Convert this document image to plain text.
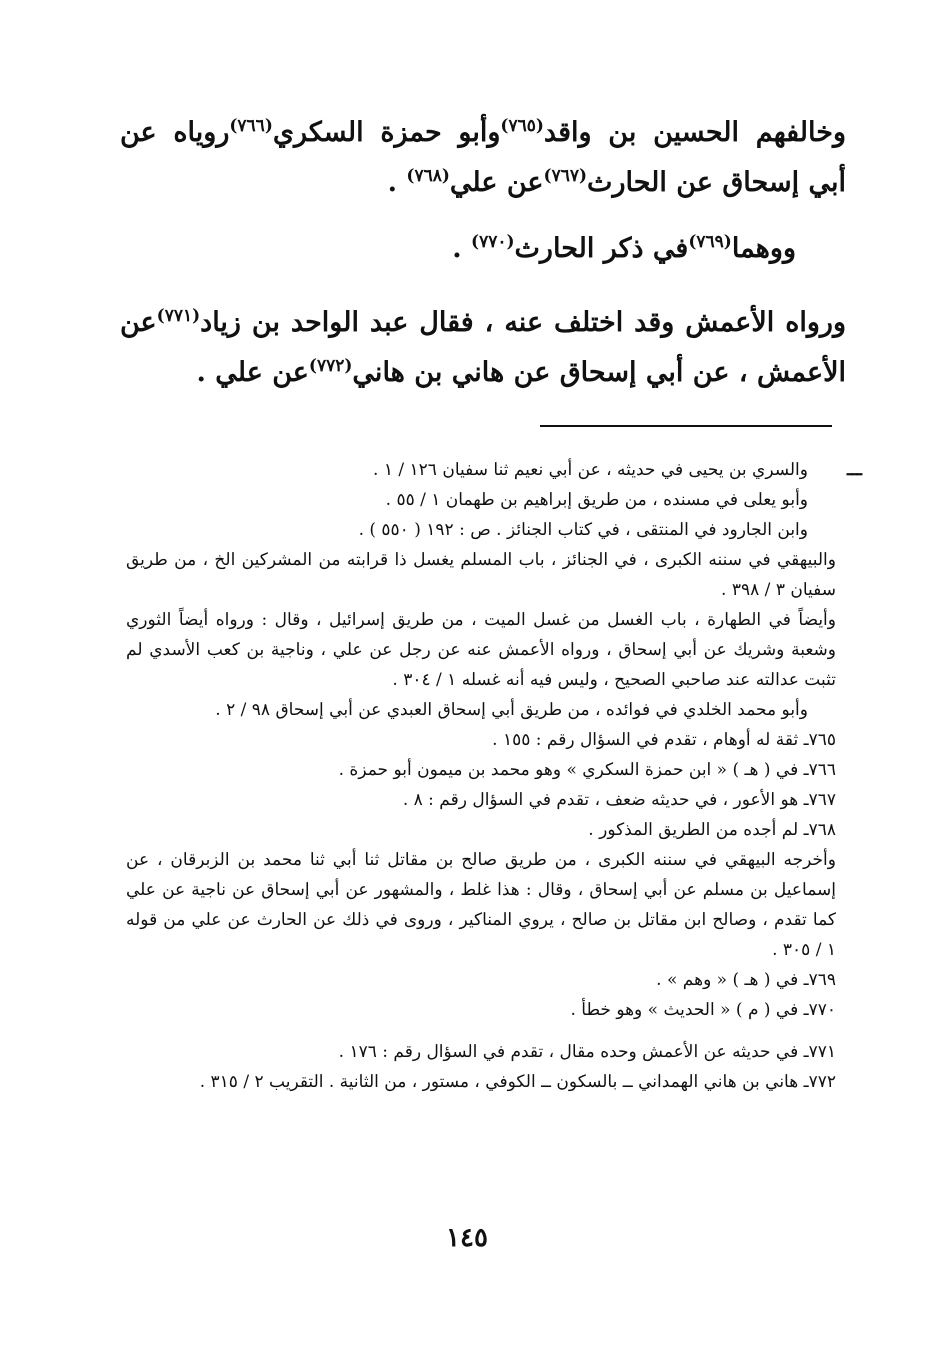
وخالفهم الحسين بن واقد$^{(٧٦٥)}$وأبو حمزة السكري$^{(٧٦٦)}$روياه عن أبي إسحاق عن الحارث$^{(٧٦٧)}$عن علي$^{(٧٦٨)}$ .

ووهما$^{(٧٦٩)}$في ذكر الحارث$^{(٧٧٠)}$ .

ورواه الأعمش وقد اختلف عنه ، فقال عبد الواحد بن زياد$^{(٧٧١)}$عن الأعمش ، عن أبي إسحاق عن هاني بن هاني$^{(٧٧٢)}$عن علي .

ـــ
والسري بن يحيى في حديثه ، عن أبي نعيم ثنا سفيان ١٢٦ / ١ .

وأبو يعلى في مسنده ، من طريق إبراهيم بن طهمان ١ / ٥٥ .

وابن الجارود في المنتقى ، في كتاب الجنائز . ص : ١٩٢ ( ٥٥٠ ) .

والبيهقي في سننه الكبرى ، في الجنائز ، باب المسلم يغسل ذا قرابته من المشركين الخ ، من طريق سفيان ٣ / ٣٩٨ .

وأيضاً في الطهارة ، باب الغسل من غسل الميت ، من طريق إسرائيل ، وقال : ورواه أيضاً الثوري وشعبة وشريك عن أبي إسحاق ، ورواه الأعمش عنه عن رجل عن علي ، وناجية بن كعب الأسدي لم تثبت عدالته عند صاحبي الصحيح ، وليس فيه أنه غسله ١ / ٣٠٤ .

وأبو محمد الخلدي في فوائده ، من طريق أبي إسحاق العبدي عن أبي إسحاق ٩٨ / ٢ .

٧٦٥ـ ثقة له أوهام ، تقدم في السؤال رقم : ١٥٥ .

٧٦٦ـ في ( هـ ) « ابن حمزة السكري » وهو محمد بن ميمون أبو حمزة .

٧٦٧ـ هو الأعور ، في حديثه ضعف ، تقدم في السؤال رقم : ٨ .

٧٦٨ـ لم أجده من الطريق المذكور .

وأخرجه البيهقي في سننه الكبرى ، من طريق صالح بن مقاتل ثنا أبي ثنا محمد بن الزبرقان ، عن إسماعيل بن مسلم عن أبي إسحاق ، وقال : هذا غلط ، والمشهور عن أبي إسحاق عن ناجية عن علي كما تقدم ، وصالح ابن مقاتل بن صالح ، يروي المناكير ، وروى في ذلك عن الحارث عن علي من قوله ١ / ٣٠٥ .

٧٦٩ـ في ( هـ ) « وهم » .

٧٧٠ـ في ( م ) « الحديث » وهو خطأ .

٧٧١ـ في حديثه عن الأعمش وحده مقال ، تقدم في السؤال رقم : ١٧٦ .

٧٧٢ـ هاني بن هاني الهمداني ــ بالسكون ــ الكوفي ، مستور ، من الثانية . التقريب ٢ / ٣١٥ .

١٤٥
